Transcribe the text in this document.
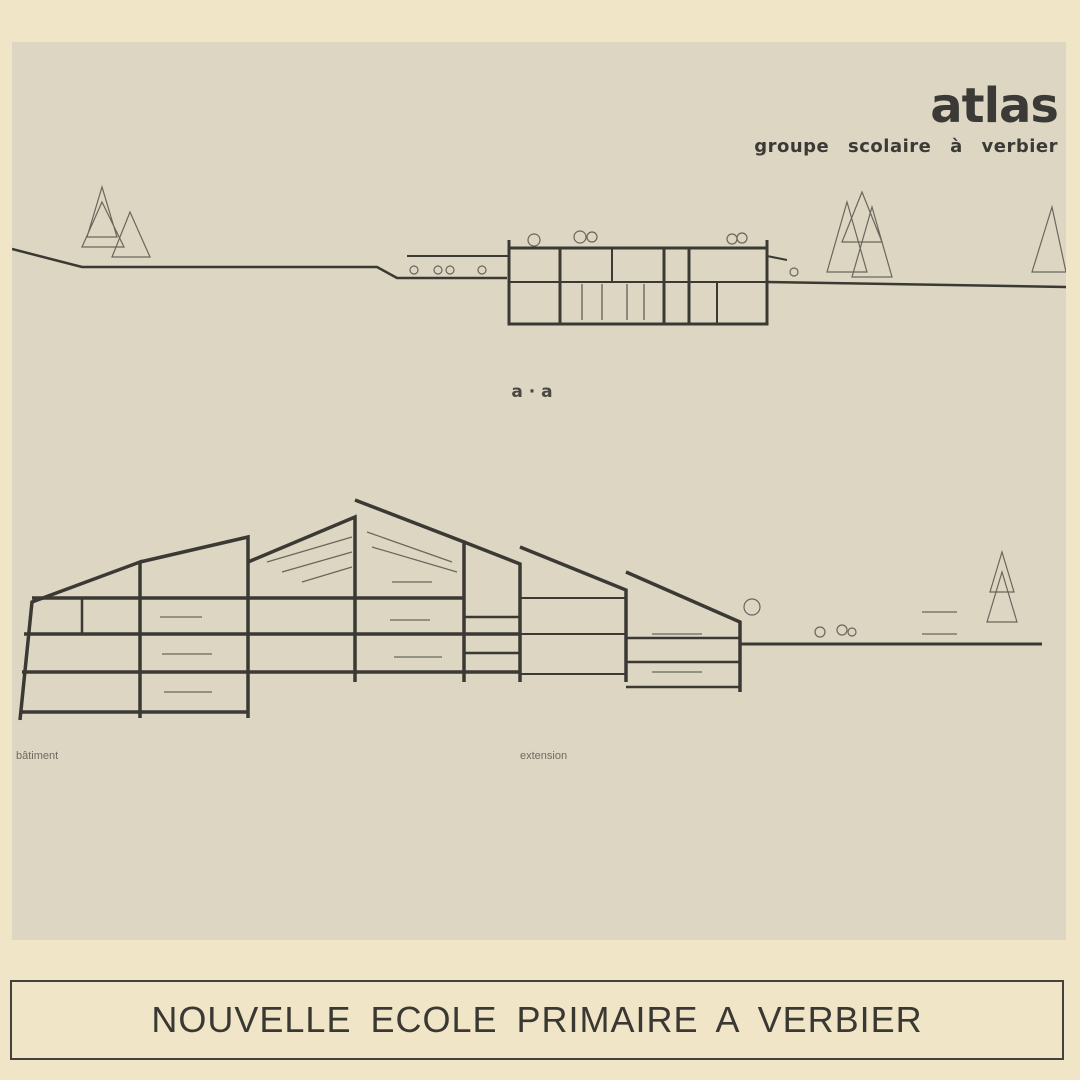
atlas
groupe scolaire à verbier
a · a
bâtiment	extension
NOUVELLE ECOLE PRIMAIRE A VERBIER
